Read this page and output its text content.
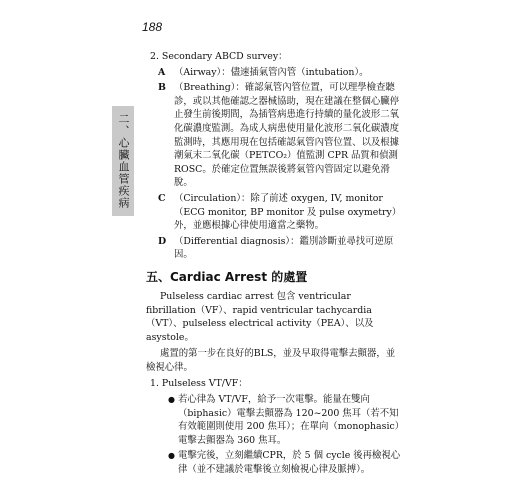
188
二、心臟血管疾病

2. Secondary ABCD survey：

A （Airway）：儘速插氣管內管（intubation）。
B （Breathing）：確認氣管內管位置，可以理學檢查聽診，或以其他確認之器械協助，現在建議在整個心臟停止發生前後期間，為插管病患進行持續的量化波形二氧化碳濃度監測。為成人病患使用量化波形二氧化碳濃度監測時，其應用現在包括確認氣管內管位置、以及根據潮氣末二氧化碳（PETCO₂）值監測 CPR 品質和偵測 ROSC。於確定位置無誤後將氣管內管固定以避免滑脫。
C （Circulation）：除了前述 oxygen, IV, monitor（ECG monitor, BP monitor 及 pulse oxymetry）外，並應根據心律使用適當之藥物。
D （Differential diagnosis）：鑑別診斷並尋找可逆原因。
五、Cardiac Arrest 的處置

Pulseless cardiac arrest 包含 ventricular fibrillation（VF）、rapid ventricular tachycardia（VT）、pulseless electrical activity（PEA）、以及 asystole。

處置的第一步在良好的BLS，並及早取得電擊去顫器，並檢視心律。

1. Pulseless VT/VF：

● 若心律為 VT/VF，給予一次電擊。能量在雙向（biphasic）電擊去顫器為 120~200 焦耳（若不知有效範圍則使用 200 焦耳）；在單向（monophasic）電擊去顫器為 360 焦耳。
● 電擊完後，立刻繼續CPR，於 5 個 cycle 後再檢視心律（並不建議於電擊後立刻檢視心律及脈搏）。
